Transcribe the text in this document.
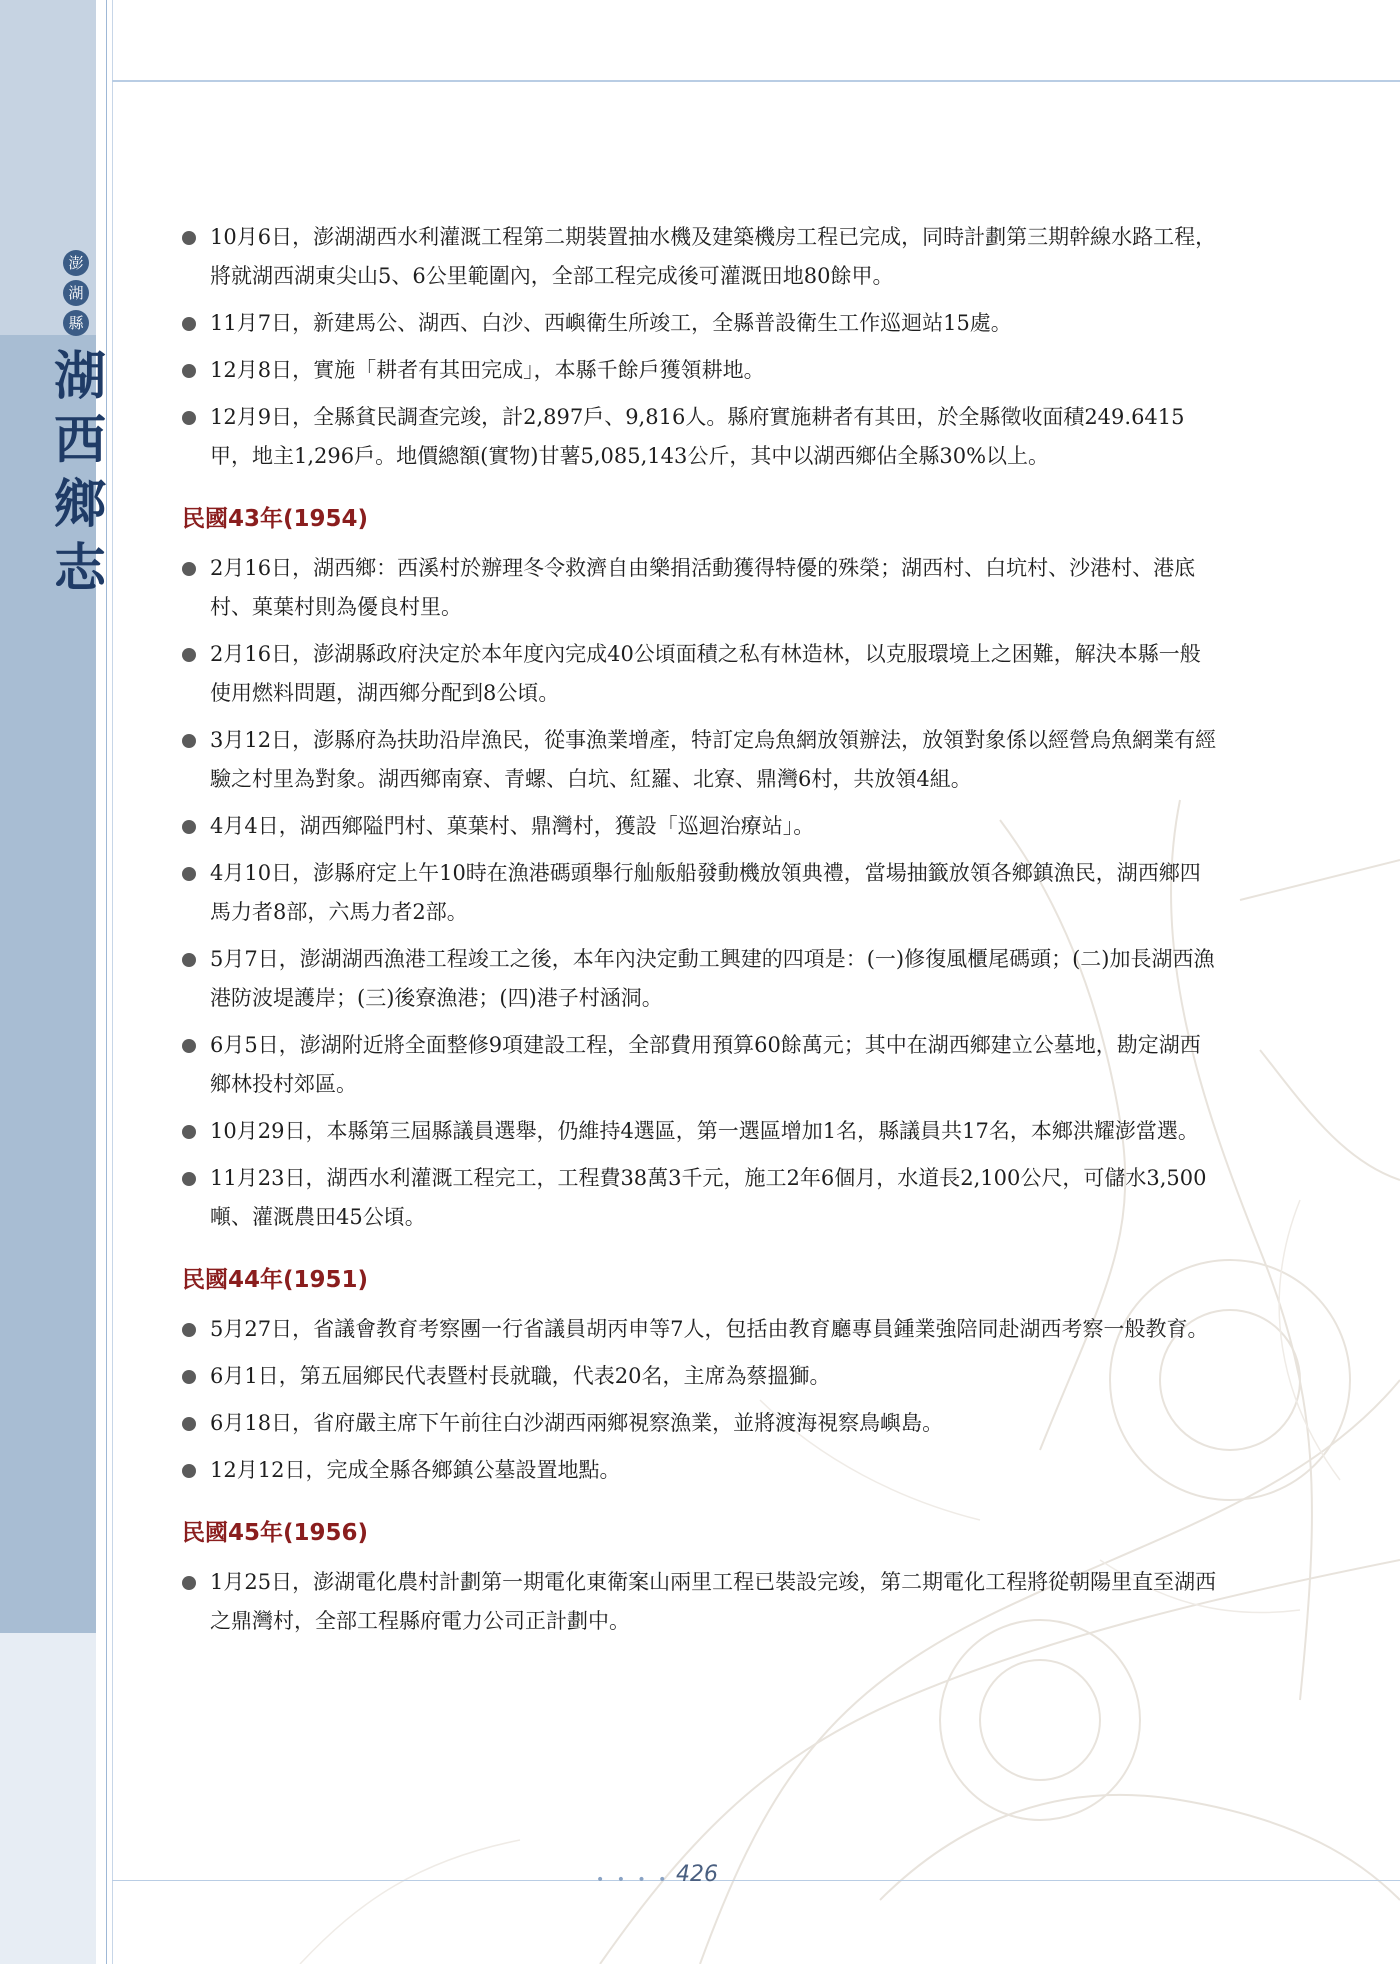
澎
湖
縣
湖
西
鄉
志
10月6日，澎湖湖西水利灌溉工程第二期裝置抽水機及建築機房工程已完成，同時計劃第三期幹線水路工程，將就湖西湖東尖山5、6公里範圍內，全部工程完成後可灌溉田地80餘甲。
11月7日，新建馬公、湖西、白沙、西嶼衛生所竣工，全縣普設衛生工作巡迴站15處。
12月8日，實施「耕者有其田完成」，本縣千餘戶獲領耕地。
12月9日，全縣貧民調查完竣，計2,897戶、9,816人。縣府實施耕者有其田，於全縣徵收面積249.6415甲，地主1,296戶。地價總額(實物)甘薯5,085,143公斤，其中以湖西鄉佔全縣30%以上。
民國43年(1954)
2月16日，湖西鄉：西溪村於辦理冬令救濟自由樂捐活動獲得特優的殊榮；湖西村、白坑村、沙港村、港底村、菓葉村則為優良村里。
2月16日，澎湖縣政府決定於本年度內完成40公頃面積之私有林造林，以克服環境上之困難，解決本縣一般使用燃料問題，湖西鄉分配到8公頃。
3月12日，澎縣府為扶助沿岸漁民，從事漁業增產，特訂定烏魚網放領辦法，放領對象係以經營烏魚網業有經驗之村里為對象。湖西鄉南寮、青螺、白坑、紅羅、北寮、鼎灣6村，共放領4組。
4月4日，湖西鄉隘門村、菓葉村、鼎灣村，獲設「巡迴治療站」。
4月10日，澎縣府定上午10時在漁港碼頭舉行舢舨船發動機放領典禮，當場抽籤放領各鄉鎮漁民，湖西鄉四馬力者8部，六馬力者2部。
5月7日，澎湖湖西漁港工程竣工之後，本年內決定動工興建的四項是：(一)修復風櫃尾碼頭；(二)加長湖西漁港防波堤護岸；(三)後寮漁港；(四)港子村涵洞。
6月5日，澎湖附近將全面整修9項建設工程，全部費用預算60餘萬元；其中在湖西鄉建立公墓地，勘定湖西鄉林投村郊區。
10月29日，本縣第三屆縣議員選舉，仍維持4選區，第一選區增加1名，縣議員共17名，本鄉洪耀澎當選。
11月23日，湖西水利灌溉工程完工，工程費38萬3千元，施工2年6個月，水道長2,100公尺，可儲水3,500噸、灌溉農田45公頃。
民國44年(1951)
5月27日，省議會教育考察團一行省議員胡丙申等7人，包括由教育廳專員鍾業強陪同赴湖西考察一般教育。
6月1日，第五屆鄉民代表暨村長就職，代表20名，主席為蔡搵獅。
6月18日，省府嚴主席下午前往白沙湖西兩鄉視察漁業，並將渡海視察鳥嶼島。
12月12日，完成全縣各鄉鎮公墓設置地點。
民國45年(1956)
1月25日，澎湖電化農村計劃第一期電化東衛案山兩里工程已裝設完竣，第二期電化工程將從朝陽里直至湖西之鼎灣村，全部工程縣府電力公司正計劃中。
• • • • 426
